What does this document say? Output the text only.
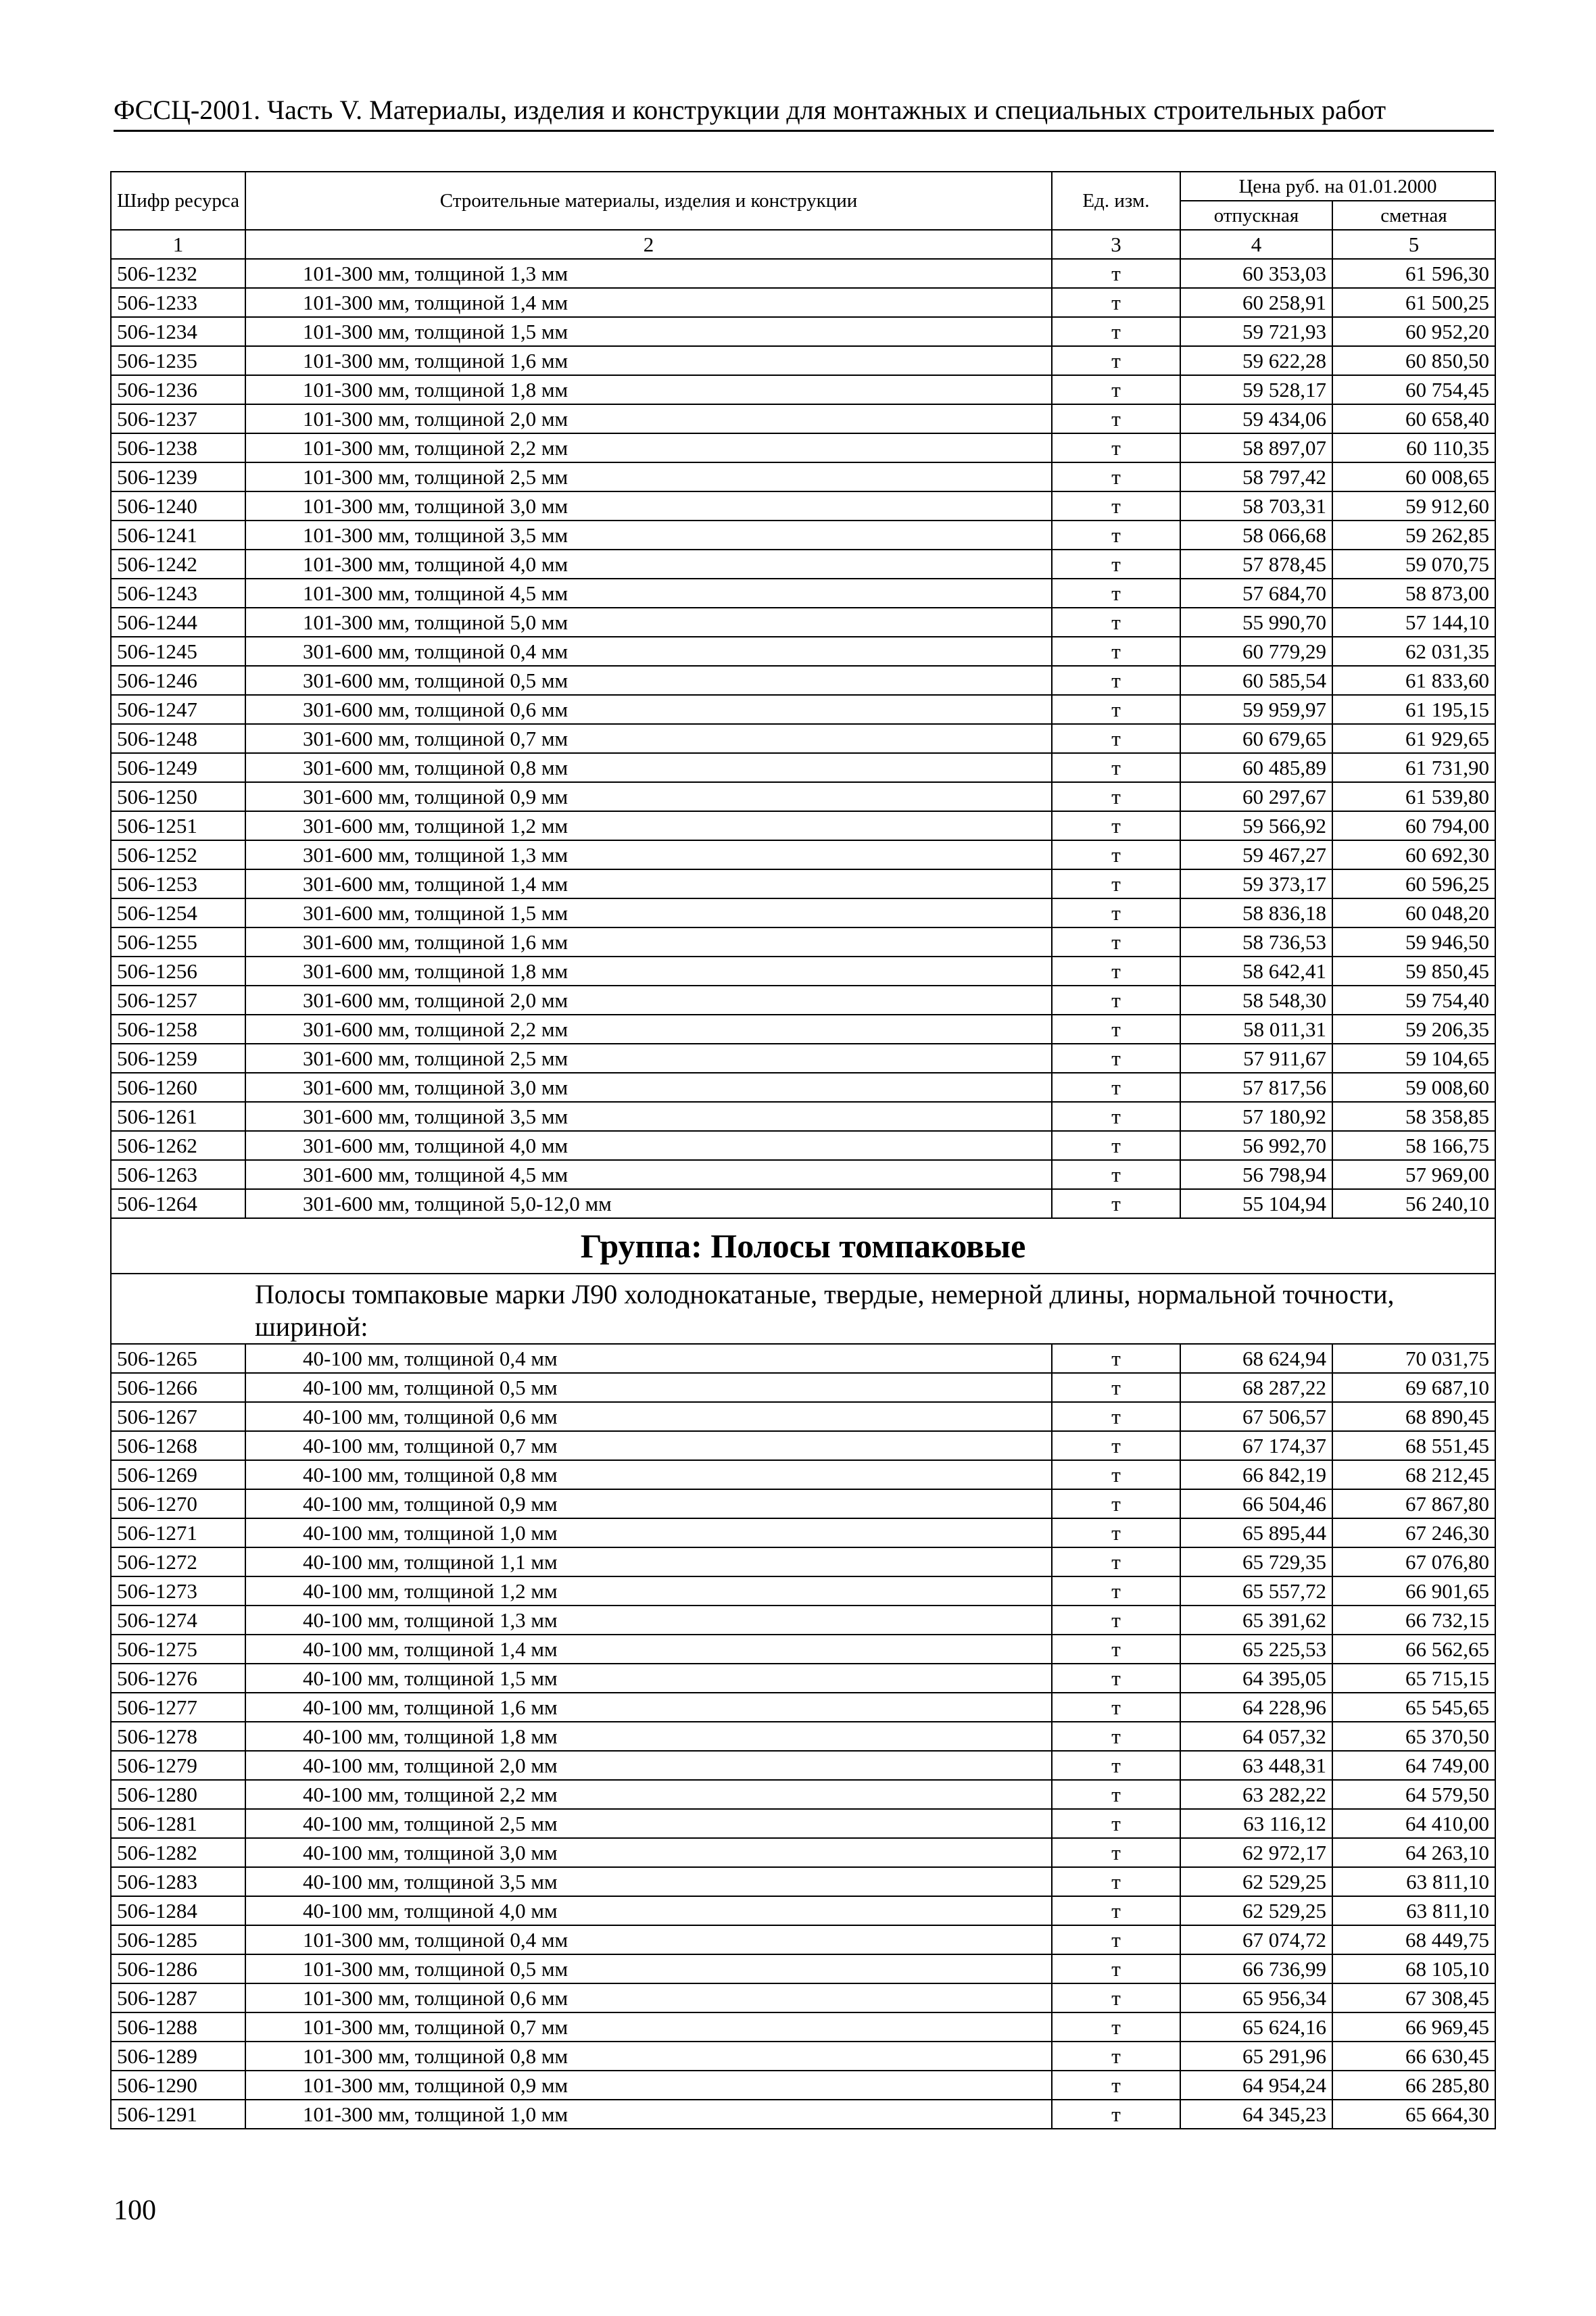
ФССЦ-2001. Часть V. Материалы, изделия и конструкции для монтажных и специальных строительных работ
Шифр ресурса	Строительные материалы, изделия и конструкции	Ед. изм.	Цена руб. на 01.01.2000	
			отпускная	сметная
1	2	3	4	5
506-1232	101-300 мм, толщиной 1,3 мм	т	60 353,03	61 596,30
506-1233	101-300 мм, толщиной 1,4 мм	т	60 258,91	61 500,25
506-1234	101-300 мм, толщиной 1,5 мм	т	59 721,93	60 952,20
506-1235	101-300 мм, толщиной 1,6 мм	т	59 622,28	60 850,50
506-1236	101-300 мм, толщиной 1,8 мм	т	59 528,17	60 754,45
506-1237	101-300 мм, толщиной 2,0 мм	т	59 434,06	60 658,40
506-1238	101-300 мм, толщиной 2,2 мм	т	58 897,07	60 110,35
506-1239	101-300 мм, толщиной 2,5 мм	т	58 797,42	60 008,65
506-1240	101-300 мм, толщиной 3,0 мм	т	58 703,31	59 912,60
506-1241	101-300 мм, толщиной 3,5 мм	т	58 066,68	59 262,85
506-1242	101-300 мм, толщиной 4,0 мм	т	57 878,45	59 070,75
506-1243	101-300 мм, толщиной 4,5 мм	т	57 684,70	58 873,00
506-1244	101-300 мм, толщиной 5,0 мм	т	55 990,70	57 144,10
506-1245	301-600 мм, толщиной 0,4 мм	т	60 779,29	62 031,35
506-1246	301-600 мм, толщиной 0,5 мм	т	60 585,54	61 833,60
506-1247	301-600 мм, толщиной 0,6 мм	т	59 959,97	61 195,15
506-1248	301-600 мм, толщиной 0,7 мм	т	60 679,65	61 929,65
506-1249	301-600 мм, толщиной 0,8 мм	т	60 485,89	61 731,90
506-1250	301-600 мм, толщиной 0,9 мм	т	60 297,67	61 539,80
506-1251	301-600 мм, толщиной 1,2 мм	т	59 566,92	60 794,00
506-1252	301-600 мм, толщиной 1,3 мм	т	59 467,27	60 692,30
506-1253	301-600 мм, толщиной 1,4 мм	т	59 373,17	60 596,25
506-1254	301-600 мм, толщиной 1,5 мм	т	58 836,18	60 048,20
506-1255	301-600 мм, толщиной 1,6 мм	т	58 736,53	59 946,50
506-1256	301-600 мм, толщиной 1,8 мм	т	58 642,41	59 850,45
506-1257	301-600 мм, толщиной 2,0 мм	т	58 548,30	59 754,40
506-1258	301-600 мм, толщиной 2,2 мм	т	58 011,31	59 206,35
506-1259	301-600 мм, толщиной 2,5 мм	т	57 911,67	59 104,65
506-1260	301-600 мм, толщиной 3,0 мм	т	57 817,56	59 008,60
506-1261	301-600 мм, толщиной 3,5 мм	т	57 180,92	58 358,85
506-1262	301-600 мм, толщиной 4,0 мм	т	56 992,70	58 166,75
506-1263	301-600 мм, толщиной 4,5 мм	т	56 798,94	57 969,00
506-1264	301-600 мм, толщиной 5,0-12,0 мм	т	55 104,94	56 240,10
Группа: Полосы томпаковые				
Полосы томпаковые марки Л90 холоднокатаные, твердые, немерной длины, нормальной точности, шириной:				
506-1265	40-100 мм, толщиной 0,4 мм	т	68 624,94	70 031,75
506-1266	40-100 мм, толщиной 0,5 мм	т	68 287,22	69 687,10
506-1267	40-100 мм, толщиной 0,6 мм	т	67 506,57	68 890,45
506-1268	40-100 мм, толщиной 0,7 мм	т	67 174,37	68 551,45
506-1269	40-100 мм, толщиной 0,8 мм	т	66 842,19	68 212,45
506-1270	40-100 мм, толщиной 0,9 мм	т	66 504,46	67 867,80
506-1271	40-100 мм, толщиной 1,0 мм	т	65 895,44	67 246,30
506-1272	40-100 мм, толщиной 1,1 мм	т	65 729,35	67 076,80
506-1273	40-100 мм, толщиной 1,2 мм	т	65 557,72	66 901,65
506-1274	40-100 мм, толщиной 1,3 мм	т	65 391,62	66 732,15
506-1275	40-100 мм, толщиной 1,4 мм	т	65 225,53	66 562,65
506-1276	40-100 мм, толщиной 1,5 мм	т	64 395,05	65 715,15
506-1277	40-100 мм, толщиной 1,6 мм	т	64 228,96	65 545,65
506-1278	40-100 мм, толщиной 1,8 мм	т	64 057,32	65 370,50
506-1279	40-100 мм, толщиной 2,0 мм	т	63 448,31	64 749,00
506-1280	40-100 мм, толщиной 2,2 мм	т	63 282,22	64 579,50
506-1281	40-100 мм, толщиной 2,5 мм	т	63 116,12	64 410,00
506-1282	40-100 мм, толщиной 3,0 мм	т	62 972,17	64 263,10
506-1283	40-100 мм, толщиной 3,5 мм	т	62 529,25	63 811,10
506-1284	40-100 мм, толщиной 4,0 мм	т	62 529,25	63 811,10
506-1285	101-300 мм, толщиной 0,4 мм	т	67 074,72	68 449,75
506-1286	101-300 мм, толщиной 0,5 мм	т	66 736,99	68 105,10
506-1287	101-300 мм, толщиной 0,6 мм	т	65 956,34	67 308,45
506-1288	101-300 мм, толщиной 0,7 мм	т	65 624,16	66 969,45
506-1289	101-300 мм, толщиной 0,8 мм	т	65 291,96	66 630,45
506-1290	101-300 мм, толщиной 0,9 мм	т	64 954,24	66 285,80
506-1291	101-300 мм, толщиной 1,0 мм	т	64 345,23	65 664,30
100
